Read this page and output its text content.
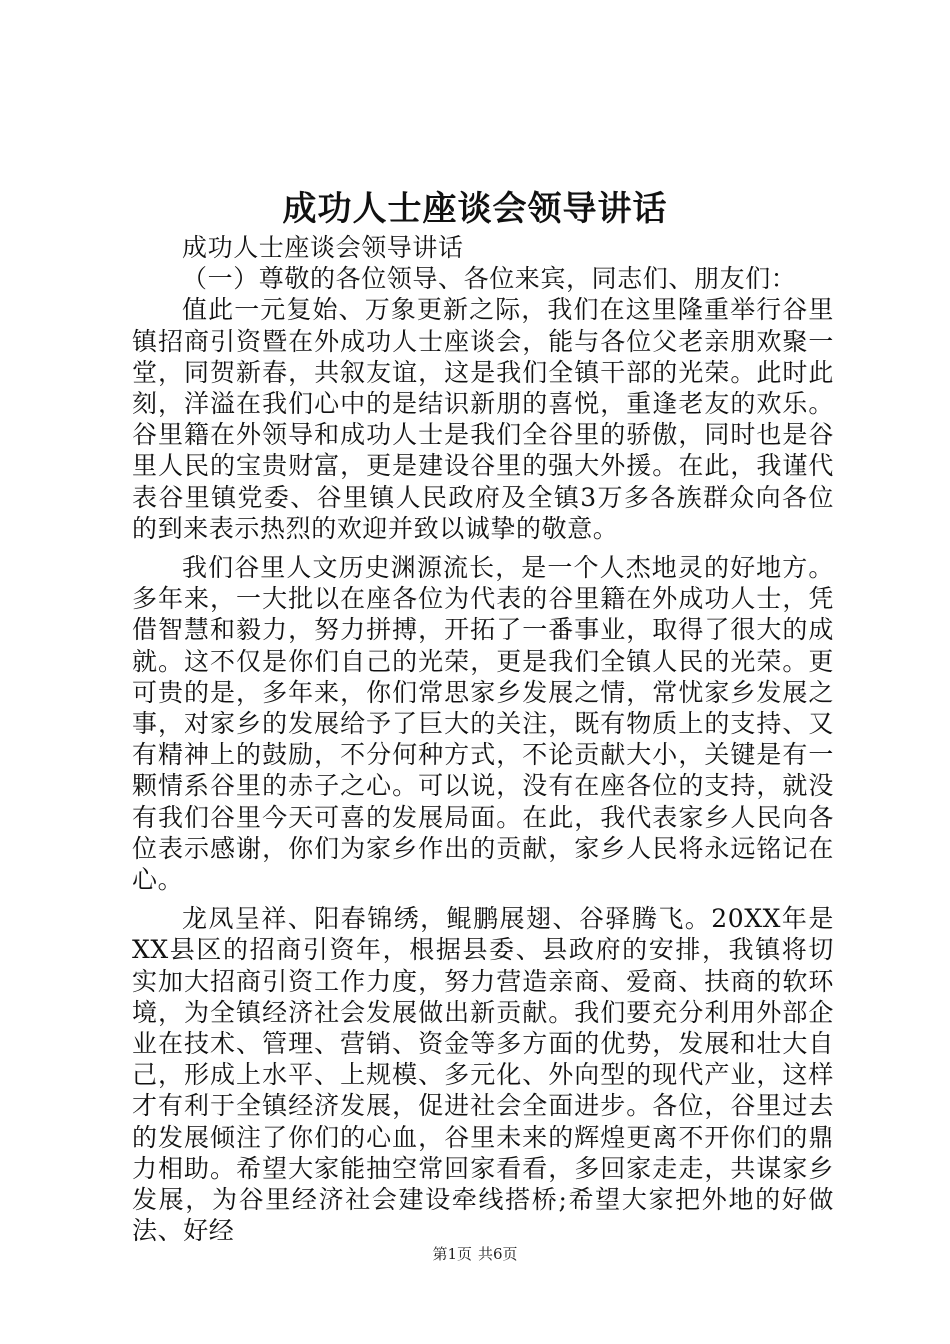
成功人士座谈会领导讲话

成功人士座谈会领导讲话

（一）尊敬的各位领导、各位来宾，同志们、朋友们：

值此一元复始、万象更新之际，我们在这里隆重举行谷里镇招商引资暨在外成功人士座谈会，能与各位父老亲朋欢聚一堂，同贺新春，共叙友谊，这是我们全镇干部的光荣。此时此刻，洋溢在我们心中的是结识新朋的喜悦，重逢老友的欢乐。谷里籍在外领导和成功人士是我们全谷里的骄傲，同时也是谷里人民的宝贵财富，更是建设谷里的强大外援。在此，我谨代表谷里镇党委、谷里镇人民政府及全镇3万多各族群众向各位的到来表示热烈的欢迎并致以诚挚的敬意。

我们谷里人文历史渊源流长，是一个人杰地灵的好地方。多年来，一大批以在座各位为代表的谷里籍在外成功人士，凭借智慧和毅力，努力拼搏，开拓了一番事业，取得了很大的成就。这不仅是你们自己的光荣，更是我们全镇人民的光荣。更可贵的是，多年来，你们常思家乡发展之情，常忧家乡发展之事，对家乡的发展给予了巨大的关注，既有物质上的支持、又有精神上的鼓励，不分何种方式，不论贡献大小，关键是有一颗情系谷里的赤子之心。可以说，没有在座各位的支持，就没有我们谷里今天可喜的发展局面。在此，我代表家乡人民向各位表示感谢，你们为家乡作出的贡献，家乡人民将永远铭记在心。

龙凤呈祥、阳春锦绣，鲲鹏展翅、谷驿腾飞。20XX年是XX县区的招商引资年，根据县委、县政府的安排，我镇将切实加大招商引资工作力度，努力营造亲商、爱商、扶商的软环境，为全镇经济社会发展做出新贡献。我们要充分利用外部企业在技术、管理、营销、资金等多方面的优势，发展和壮大自己，形成上水平、上规模、多元化、外向型的现代产业，这样才有利于全镇经济发展，促进社会全面进步。各位，谷里过去的发展倾注了你们的心血，谷里未来的辉煌更离不开你们的鼎力相助。希望大家能抽空常回家看看，多回家走走，共谋家乡发展，为谷里经济社会建设牵线搭桥;希望大家把外地的好做法、好经

第1页 共6页
